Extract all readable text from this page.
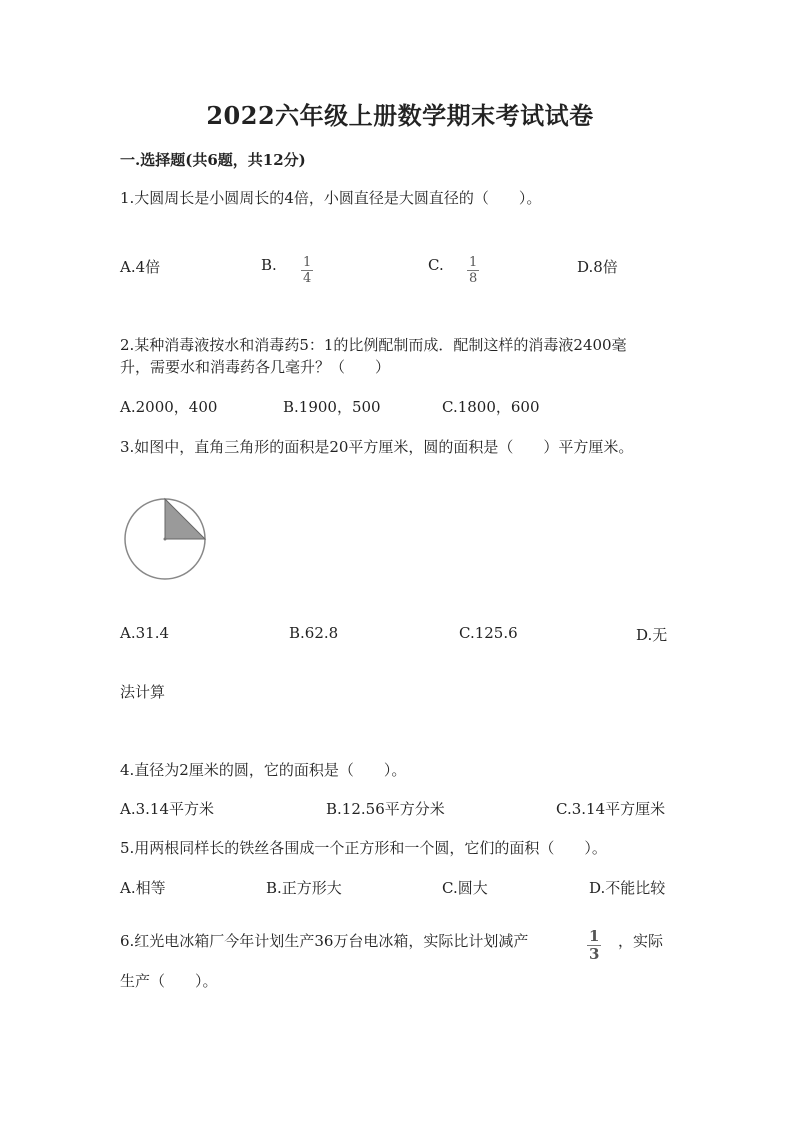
2022六年级上册数学期末考试试卷
一.选择题(共6题，共12分)
1.大圆周长是小圆周长的4倍，小圆直径是大圆直径的（　　）。
A.4倍	B. $\frac{1}{4}$	C. $\frac{1}{8}$	D.8倍
2.某种消毒液按水和消毒药5：1的比例配制而成．配制这样的消毒液2400毫
升，需要水和消毒药各几毫升？（　　）
A.2000，400	B.1900，500	C.1800，600
3.如图中，直角三角形的面积是20平方厘米，圆的面积是（　　）平方厘米。
A.31.4	B.62.8	C.125.6	D.无
法计算
4.直径为2厘米的圆，它的面积是（　　）。
A.3.14平方米	B.12.56平方分米	C.3.14平方厘米
5.用两根同样长的铁丝各围成一个正方形和一个圆，它们的面积（　　）。
A.相等	B.正方形大	C.圆大	D.不能比较
6.红光电冰箱厂今年计划生产36万台电冰箱，实际比计划减产	$\frac{1}{3}$ ，实际
生产（　　）。
